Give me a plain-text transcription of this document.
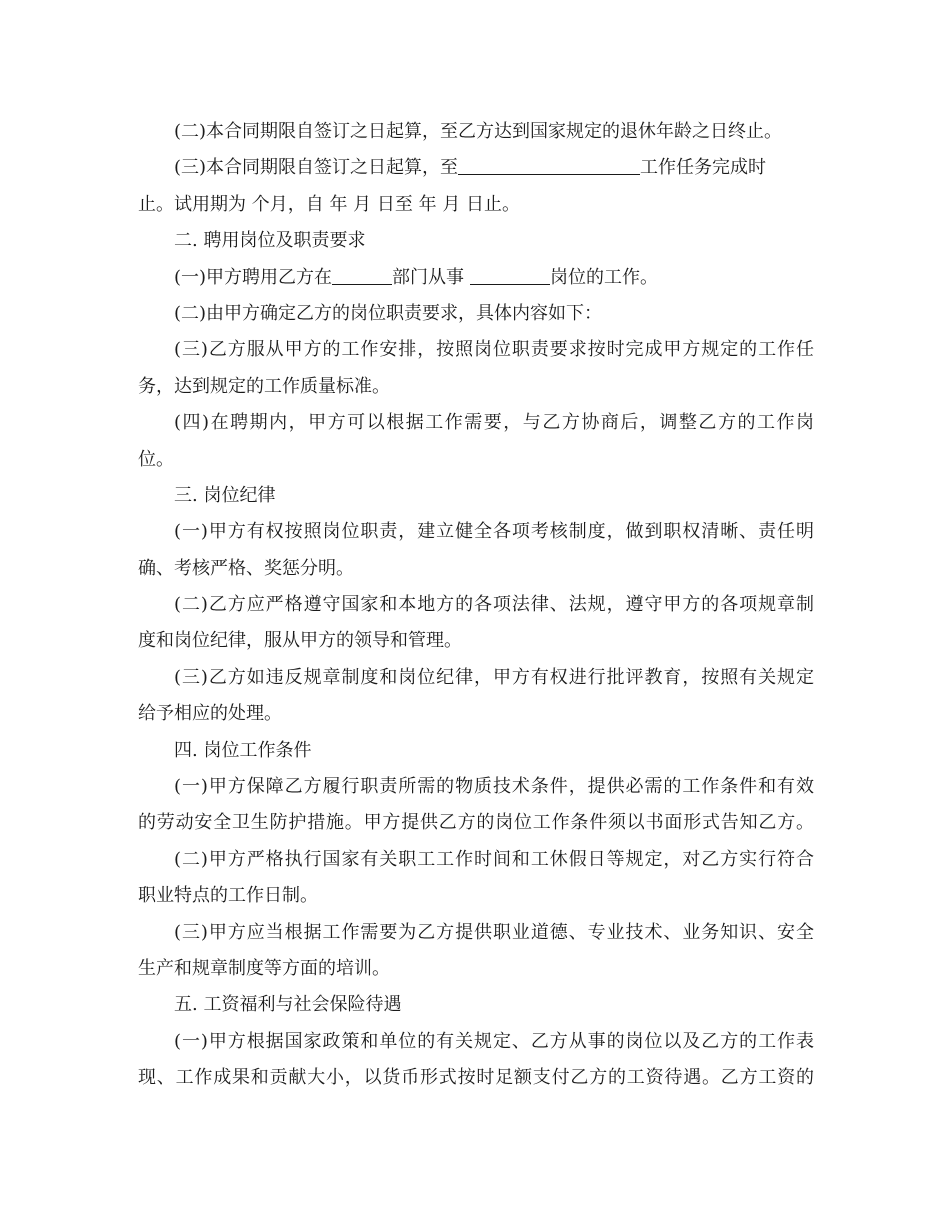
(二)本合同期限自签订之日起算，至乙方达到国家规定的退休年龄之日终止。
(三)本合同期限自签订之日起算，至	工作任务完成时
止。试用期为 个月，自 年 月 日至 年 月 日止。
二. 聘用岗位及职责要求
(一)甲方聘用乙方在	部门从事	岗位的工作。
(二)由甲方确定乙方的岗位职责要求，具体内容如下：
(三)乙方服从甲方的工作安排，按照岗位职责要求按时完成甲方规定的工作任
务，达到规定的工作质量标准。
(四)在聘期内，甲方可以根据工作需要，与乙方协商后，调整乙方的工作岗
位。
三. 岗位纪律
(一)甲方有权按照岗位职责，建立健全各项考核制度，做到职权清晰、责任明
确、考核严格、奖惩分明。
(二)乙方应严格遵守国家和本地方的各项法律、法规，遵守甲方的各项规章制
度和岗位纪律，服从甲方的领导和管理。
(三)乙方如违反规章制度和岗位纪律，甲方有权进行批评教育，按照有关规定
给予相应的处理。
四. 岗位工作条件
(一)甲方保障乙方履行职责所需的物质技术条件，提供必需的工作条件和有效
的劳动安全卫生防护措施。甲方提供乙方的岗位工作条件须以书面形式告知乙方。
(二)甲方严格执行国家有关职工工作时间和工休假日等规定，对乙方实行符合
职业特点的工作日制。
(三)甲方应当根据工作需要为乙方提供职业道德、专业技术、业务知识、安全
生产和规章制度等方面的培训。
五. 工资福利与社会保险待遇
(一)甲方根据国家政策和单位的有关规定、乙方从事的岗位以及乙方的工作表
现、工作成果和贡献大小，以货币形式按时足额支付乙方的工资待遇。乙方工资的
